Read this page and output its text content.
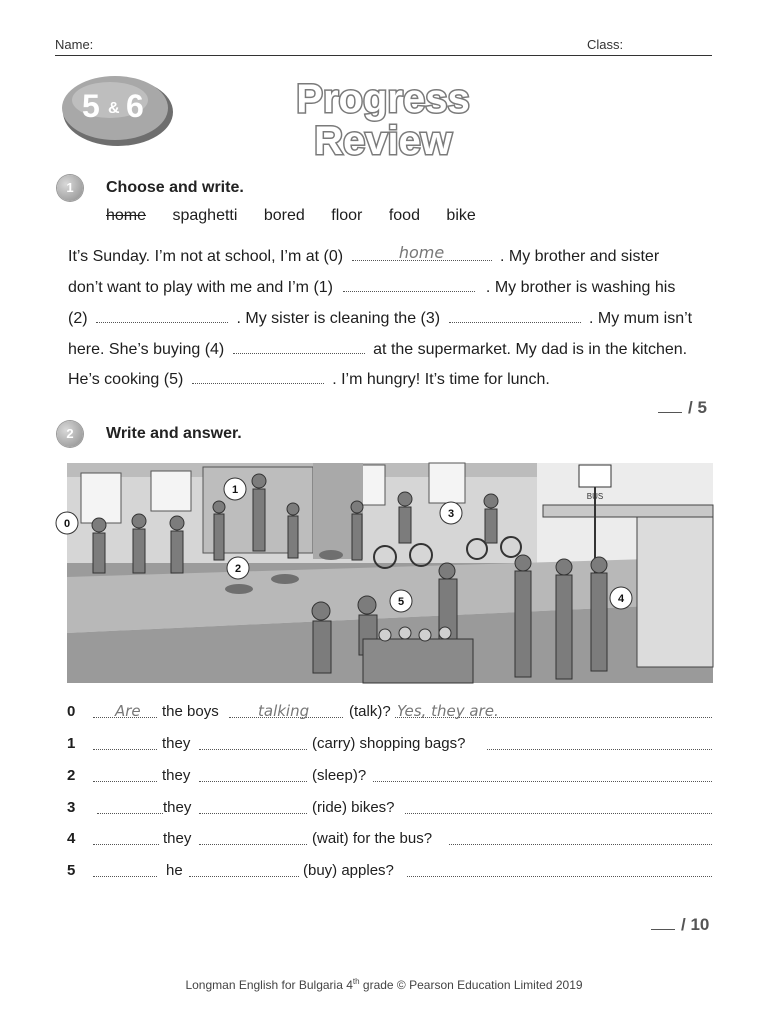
Name:	Class:
5 & 6	Progress
Review
1	Choose and write.
home spaghetti bored floor food bike
It’s Sunday. I’m not at school, I’m at (0)	home	. My brother and sister
don’t want to play with me and I’m (1)	. My brother is washing his
(2)	. My sister is cleaning the (3)	. My mum isn’t
here. She’s buying (4)	at the supermarket. My dad is in the kitchen.
He’s cooking (5)	. I’m hungry! It’s time for lunch.
/ 5
2	Write and answer.
BUS
0
1
2
3
4
5
0	Are the boys	talking	(talk)? Yes, they are.
1	they	(carry) shopping bags?
2	they	(sleep)?
3	they	(ride) bikes?
4	they	(wait) for the bus?
5	he	(buy) apples?
/ 10
Longman English for Bulgaria 4th grade © Pearson Education Limited 2019
